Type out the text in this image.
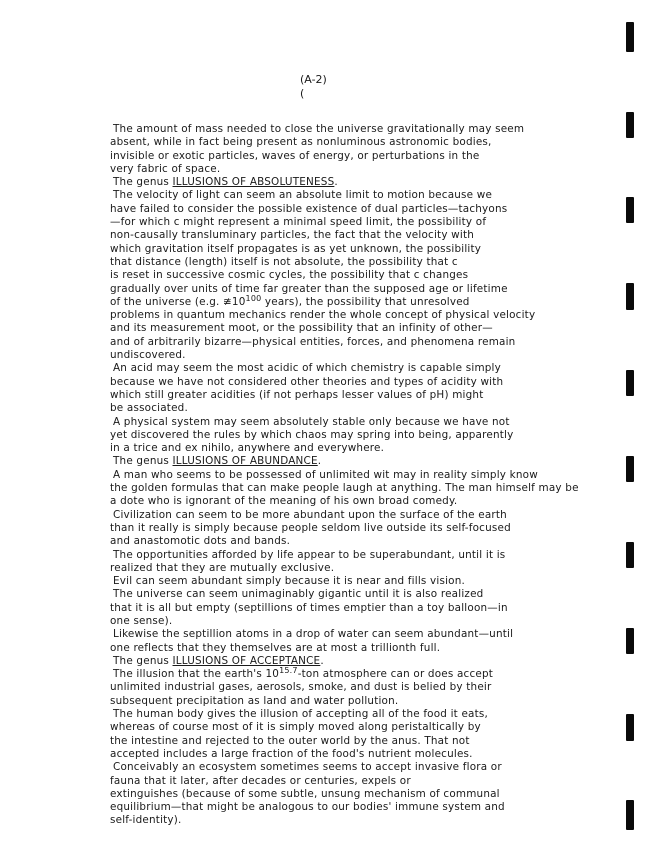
(A-2)
(
The amount of mass needed to close the universe gravitationally may seem
absent, while in fact being present as nonluminous astronomic bodies,
invisible or exotic particles, waves of energy, or perturbations in the
very fabric of space.
The genus ILLUSIONS OF ABSOLUTENESS.
The velocity of light can seem an absolute limit to motion because we
have failed to consider the possible existence of dual particles—tachyons
—for which c might represent a minimal speed limit, the possibility of
non-causally transluminary particles, the fact that the velocity with
which gravitation itself propagates is as yet unknown, the possibility
that distance (length) itself is not absolute, the possibility that c
is reset in successive cosmic cycles, the possibility that c changes
gradually over units of time far greater than the supposed age or lifetime
of the universe (e.g. $≇10^{100}$ years), the possibility that unresolved
problems in quantum mechanics render the whole concept of physical velocity
and its measurement moot, or the possibility that an infinity of other—
and of arbitrarily bizarre—physical entities, forces, and phenomena remain
undiscovered.
An acid may seem the most acidic of which chemistry is capable simply
because we have not considered other theories and types of acidity with
which still greater acidities (if not perhaps lesser values of pH) might
be associated.
A physical system may seem absolutely stable only because we have not
yet discovered the rules by which chaos may spring into being, apparently
in a trice and ex nihilo, anywhere and everywhere.
The genus ILLUSIONS OF ABUNDANCE.
A man who seems to be possessed of unlimited wit may in reality simply know
the golden formulas that can make people laugh at anything. The man himself may be
a dote who is ignorant of the meaning of his own broad comedy.
Civilization can seem to be more abundant upon the surface of the earth
than it really is simply because people seldom live outside its self-focused
and anastomotic dots and bands.
The opportunities afforded by life appear to be superabundant, until it is
realized that they are mutually exclusive.
Evil can seem abundant simply because it is near and fills vision.
The universe can seem unimaginably gigantic until it is also realized
that it is all but empty (septillions of times emptier than a toy balloon—in
one sense).
Likewise the septillion atoms in a drop of water can seem abundant—until
one reflects that they themselves are at most a trillionth full.
The genus ILLUSIONS OF ACCEPTANCE.
The illusion that the earth's $10^{15.7}$-ton atmosphere can or does accept
unlimited industrial gases, aerosols, smoke, and dust is belied by their
subsequent precipitation as land and water pollution.
The human body gives the illusion of accepting all of the food it eats,
whereas of course most of it is simply moved along peristaltically by
the intestine and rejected to the outer world by the anus. That not
accepted includes a large fraction of the food's nutrient molecules.
Conceivably an ecosystem sometimes seems to accept invasive flora or
fauna that it later, after decades or centuries, expels or
extinguishes (because of some subtle, unsung mechanism of communal
equilibrium—that might be analogous to our bodies' immune system and
self-identity).
